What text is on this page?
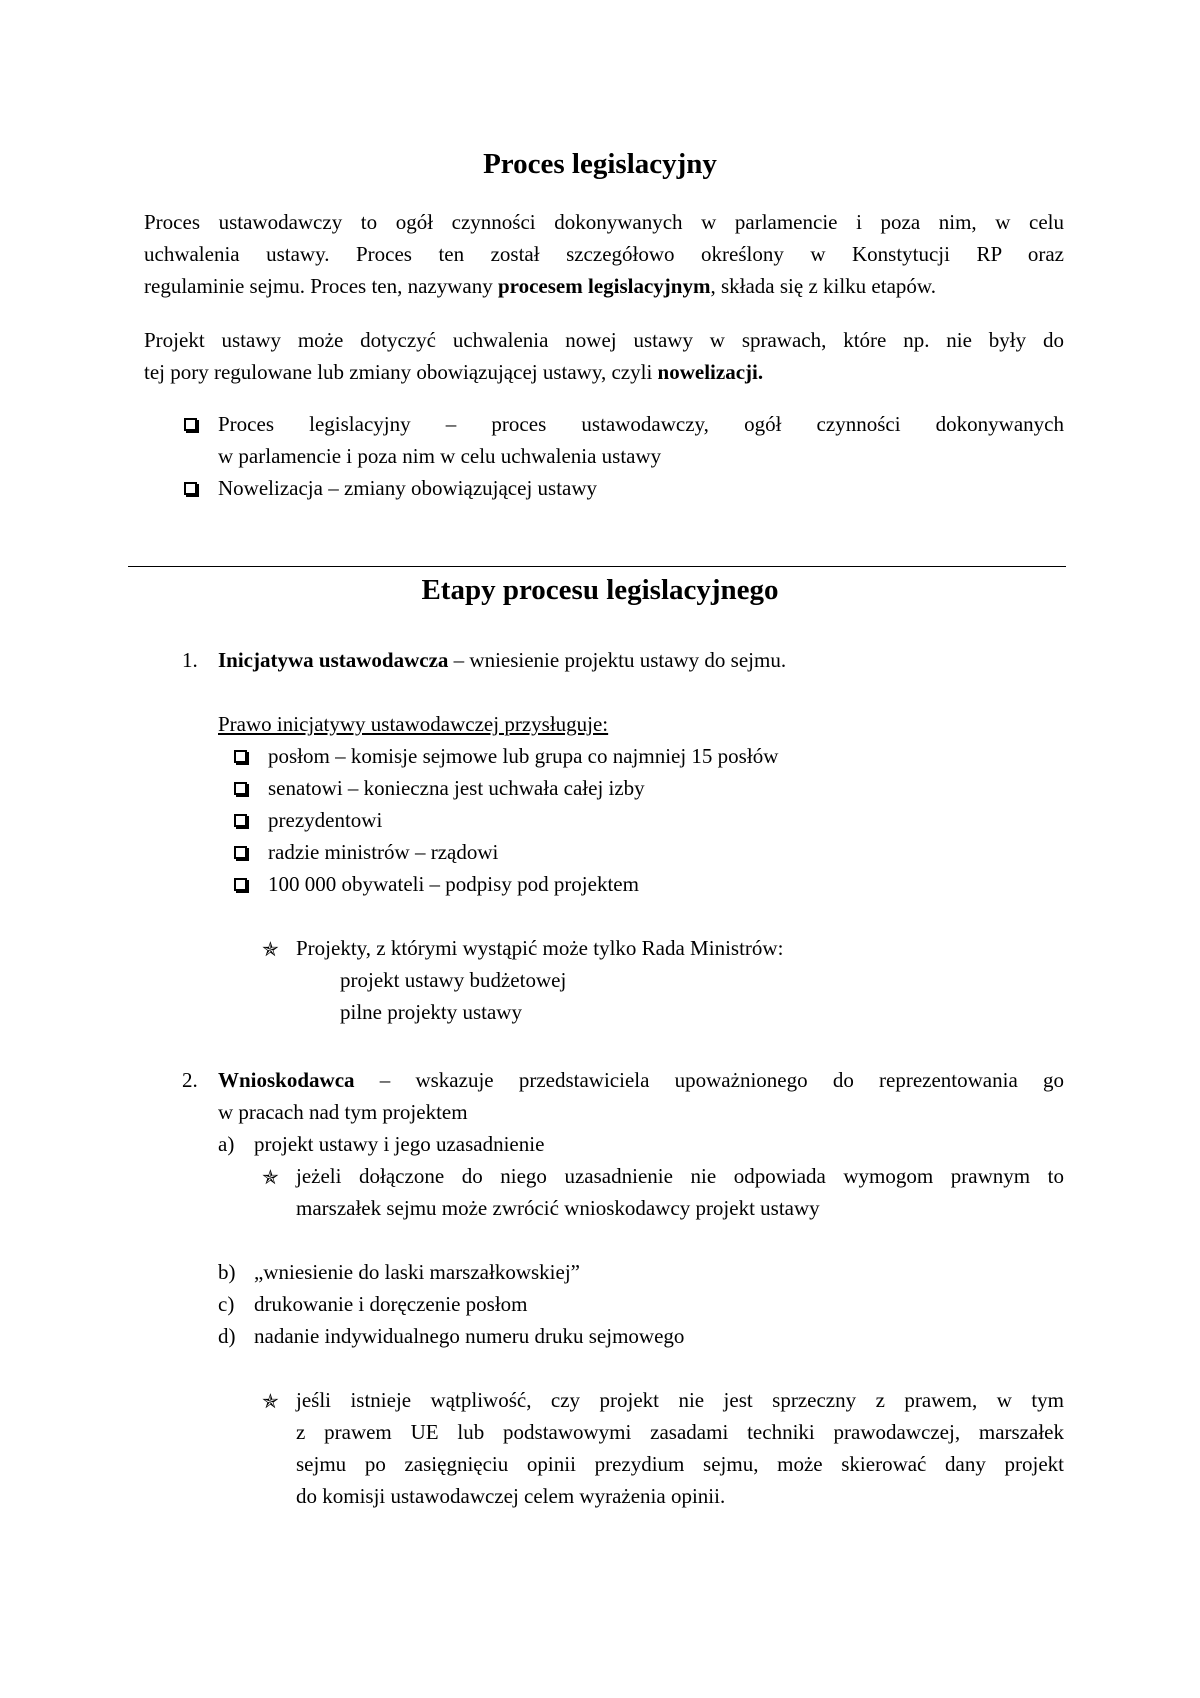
Proces legislacyjny
Proces ustawodawczy to ogół czynności dokonywanych w parlamencie i poza nim, w celu
uchwalenia ustawy. Proces ten został szczegółowo określony w Konstytucji RP oraz
regulaminie sejmu. Proces ten, nazywany procesem legislacyjnym, składa się z kilku etapów.
Projekt ustawy może dotyczyć uchwalenia nowej ustawy w sprawach, które np. nie były do
tej pory regulowane lub zmiany obowiązującej ustawy, czyli nowelizacji.
Proces legislacyjny – proces ustawodawczy, ogół czynności dokonywanych
w parlamencie i poza nim w celu uchwalenia ustawy
Nowelizacja – zmiany obowiązującej ustawy
Etapy procesu legislacyjnego
1. Inicjatywa ustawodawcza – wniesienie projektu ustawy do sejmu.
Prawo inicjatywy ustawodawczej przysługuje:
posłom – komisje sejmowe lub grupa co najmniej 15 posłów
senatowi – konieczna jest uchwała całej izby
prezydentowi
radzie ministrów – rządowi
100 000 obywateli – podpisy pod projektem
✯ Projekty, z którymi wystąpić może tylko Rada Ministrów:
projekt ustawy budżetowej
pilne projekty ustawy
2. Wnioskodawca – wskazuje przedstawiciela upoważnionego do reprezentowania go
w pracach nad tym projektem
a) projekt ustawy i jego uzasadnienie
✯ jeżeli dołączone do niego uzasadnienie nie odpowiada wymogom prawnym to
marszałek sejmu może zwrócić wnioskodawcy projekt ustawy
b) „wniesienie do laski marszałkowskiej”
c) drukowanie i doręczenie posłom
d) nadanie indywidualnego numeru druku sejmowego
✯ jeśli istnieje wątpliwość, czy projekt nie jest sprzeczny z prawem, w tym
z prawem UE lub podstawowymi zasadami techniki prawodawczej, marszałek
sejmu po zasięgnięciu opinii prezydium sejmu, może skierować dany projekt
do komisji ustawodawczej celem wyrażenia opinii.
